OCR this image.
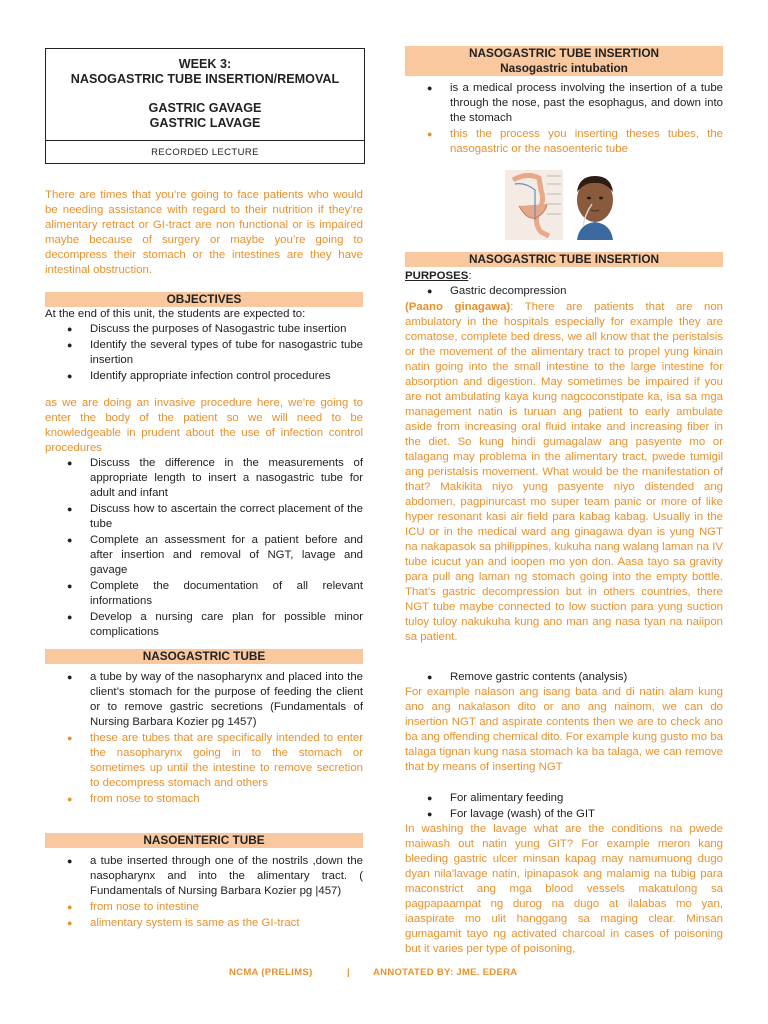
WEEK 3:
NASOGASTRIC TUBE INSERTION/REMOVAL
GASTRIC GAVAGE
GASTRIC LAVAGE
RECORDED LECTURE
There are times that you’re going to face patients who would be needing assistance with regard to their nutrition if they’re alimentary retract or GI-tract are non functional or is impaired maybe because of surgery or maybe you’re going to decompress their stomach or the intestines are they have intestinal obstruction.
OBJECTIVES
At the end of this unit, the students are expected to:
● Discuss the purposes of Nasogastric tube insertion
● Identify the several types of tube for nasogastric tube insertion
● Identify appropriate infection control procedures
as we are doing an invasive procedure here, we’re going to enter the body of the patient so we will need to be knowledgeable in prudent about the use of infection control procedures
● Discuss the difference in the measurements of appropriate length to insert a nasogastric tube for adult and infant
● Discuss how to ascertain the correct placement of the tube
● Complete an assessment for a patient before and after insertion and removal of NGT, lavage and gavage
● Complete the documentation of all relevant informations
● Develop a nursing care plan for possible minor complications
NASOGASTRIC TUBE
● a tube by way of the nasopharynx and placed into the client’s stomach for the purpose of feeding the client or to remove gastric secretions (Fundamentals of Nursing Barbara Kozier pg 1457)
● these are tubes that are specifically intended to enter the nasopharynx going in to the stomach or sometimes up until the intestine to remove secretion to decompress stomach and others
● from nose to stomach
NASOENTERIC TUBE
● a tube inserted through one of the nostrils ,down the nasopharynx and into the alimentary tract. ( Fundamentals of Nursing Barbara Kozier pg |457)
● from nose to intestine
● alimentary system is same as the GI-tract
NASOGASTRIC TUBE INSERTION
Nasogastric intubation
● is a medical process involving the insertion of a tube through the nose, past the esophagus, and down into the stomach
● this the process you inserting theses tubes, the nasogastric or the nasoenteric tube
NASOGASTRIC TUBE INSERTION
PURPOSES:
● Gastric decompression
(Paano ginagawa): There are patients that are non ambulatory in the hospitals especially for example they are comatose, complete bed dress, we all know that the peristalsis or the movement of the alimentary tract to propel yung kinain natin going into the small intestine to the large intestine for absorption and digestion. May sometimes be impaired if you are not ambulating kaya kung nagcoconstipate ka, isa sa mga management natin is turuan ang patient to early ambulate aside from increasing oral fluid intake and increasing fiber in the diet. So kung hindi gumagalaw ang pasyente mo or talagang may problema in the alimentary tract, pwede tumigil ang peristalsis movement. What would be the manifestation of that? Makikita niyo yung pasyente niyo distended ang abdomen, pagpinurcast mo super team panic or more of like hyper resonant kasi air field para kabag kabag. Usually in the ICU or in the medical ward ang ginagawa dyan is yung NGT na nakapasok sa philippines, kukuha nang walang laman na IV tube icucut yan and ioopen mo yon don. Aasa tayo sa gravity para pull ang laman ng stomach going into the empty bottle. That’s gastric decompression but in others countries, there NGT tube maybe connected to low suction para yung suction tuloy tuloy nakukuha kung ano man ang nasa tyan na naiipon sa patient.
● Remove gastric contents (analysis)
For example nalason ang isang bata and di natin alam kung ano ang nakalason dito or ano ang nainom, we can do insertion NGT and aspirate contents then we are to check ano ba ang offending chemical dito. For example kung gusto mo ba talaga tignan kung nasa stomach ka ba talaga, we can remove that by means of inserting NGT
● For alimentary feeding
● For lavage (wash) of the GIT
In washing the lavage what are the conditions na pwede maiwash out natin yung GIT? For example meron kang bleeding gastric ulcer minsan kapag may namumuong dugo dyan nila'lavage natin, ipinapasok ang malamig na tubig para maconstrict ang mga blood vessels makatulong sa pagpapaampat ng durog na dugo at ilalabas mo yan, iaaspirate mo ulit hanggang sa maging clear. Minsan gumagamit tayo ng activated charcoal in cases of poisoning but it varies per type of poisoning,
NCMA (PRELIMS)	| ANNOTATED BY: JME. EDERA
